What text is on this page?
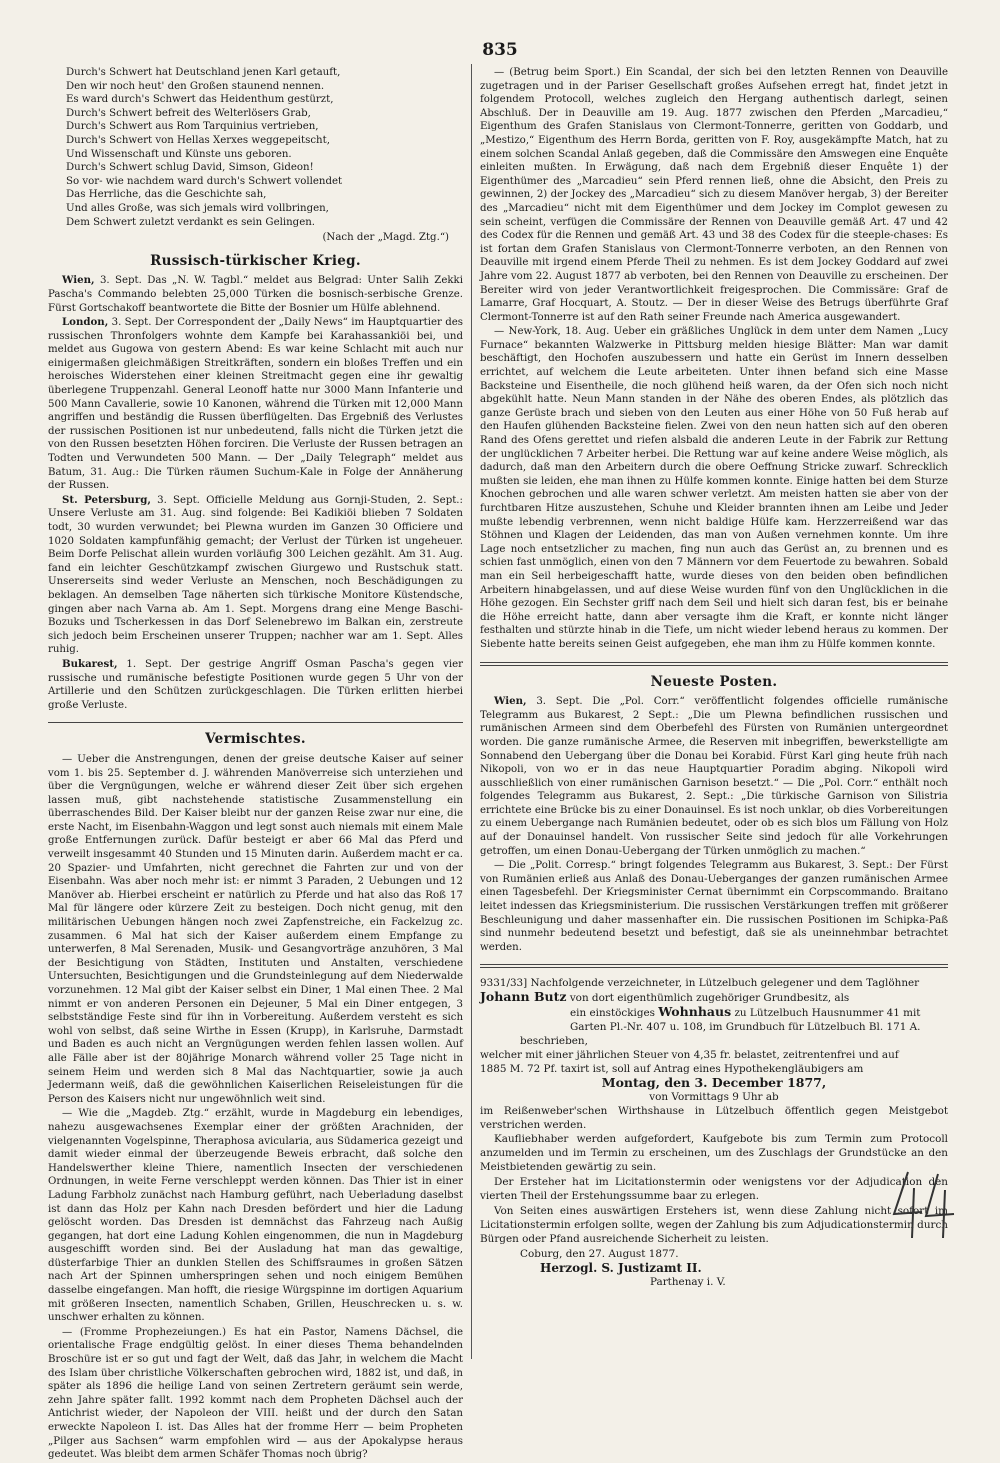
835
Durch's Schwert hat Deutschland jenen Karl getauft,
Den wir noch heut' den Großen staunend nennen.
Es ward durch's Schwert das Heidenthum gestürzt,
Durch's Schwert befreit des Welterlösers Grab,
Durch's Schwert aus Rom Tarquinius vertrieben,
Durch's Schwert von Hellas Xerxes weggepeitscht,
Und Wissenschaft und Künste uns geboren.
Durch's Schwert schlug David, Simson, Gideon!
So vor- wie nachdem ward durch's Schwert vollendet
Das Herrliche, das die Geschichte sah,
Und alles Große, was sich jemals wird vollbringen,
Dem Schwert zuletzt verdankt es sein Gelingen.
(Nach der „Magd. Ztg.“)
Russisch-türkischer Krieg.
Wien, 3. Sept. Das „N. W. Tagbl.“ meldet aus Belgrad: Unter Salih Zekki Pascha's Commando belebten 25,000 Türken die bosnisch-serbische Grenze. Fürst Gortschakoff beantwortete die Bitte der Bosnier um Hülfe ablehnend.
London, 3. Sept. Der Correspondent der „Daily News“ im Hauptquartier des russischen Thronfolgers wohnte dem Kampfe bei Karahassankiöi bei, und meldet aus Gugowa von gestern Abend: Es war keine Schlacht mit auch nur einigermaßen gleichmäßigen Streitkräften, sondern ein bloßes Treffen und ein heroisches Widerstehen einer kleinen Streitmacht gegen eine ihr gewaltig überlegene Truppenzahl. General Leonoff hatte nur 3000 Mann Infanterie und 500 Mann Cavallerie, sowie 10 Kanonen, während die Türken mit 12,000 Mann angriffen und beständig die Russen überflügelten. Das Ergebniß des Verlustes der russischen Positionen ist nur unbedeutend, falls nicht die Türken jetzt die von den Russen besetzten Höhen forciren. Die Verluste der Russen betragen an Todten und Verwundeten 500 Mann. — Der „Daily Telegraph“ meldet aus Batum, 31. Aug.: Die Türken räumen Suchum-Kale in Folge der Annäherung der Russen.
St. Petersburg, 3. Sept. Officielle Meldung aus Gornji-Studen, 2. Sept.: Unsere Verluste am 31. Aug. sind folgende: Bei Kadikiöi blieben 7 Soldaten todt, 30 wurden verwundet; bei Plewna wurden im Ganzen 30 Officiere und 1020 Soldaten kampfunfähig gemacht; der Verlust der Türken ist ungeheuer. Beim Dorfe Pelischat allein wurden vorläufig 300 Leichen gezählt. Am 31. Aug. fand ein leichter Geschützkampf zwischen Giurgewo und Rustschuk statt. Unsererseits sind weder Verluste an Menschen, noch Beschädigungen zu beklagen. An demselben Tage näherten sich türkische Monitore Küstendsche, gingen aber nach Varna ab. Am 1. Sept. Morgens drang eine Menge Baschi-Bozuks und Tscherkessen in das Dorf Selenebrewo im Balkan ein, zerstreute sich jedoch beim Erscheinen unserer Truppen; nachher war am 1. Sept. Alles ruhig.
Bukarest, 1. Sept. Der gestrige Angriff Osman Pascha's gegen vier russische und rumänische befestigte Positionen wurde gegen 5 Uhr von der Artillerie und den Schützen zurückgeschlagen. Die Türken erlitten hierbei große Verluste.
Vermischtes.
— Ueber die Anstrengungen, denen der greise deutsche Kaiser auf seiner vom 1. bis 25. September d. J. währenden Manöverreise sich unterziehen und über die Vergnügungen, welche er während dieser Zeit über sich ergehen lassen muß, gibt nachstehende statistische Zusammenstellung ein überraschendes Bild. Der Kaiser bleibt nur der ganzen Reise zwar nur eine, die erste Nacht, im Eisenbahn-Waggon und legt sonst auch niemals mit einem Male große Entfernungen zurück. Dafür besteigt er aber 66 Mal das Pferd und verweilt insgesammt 40 Stunden und 15 Minuten darin. Außerdem macht er ca. 20 Spazier- und Umfahrten, nicht gerechnet die Fahrten zur und von der Eisenbahn. Was aber noch mehr ist: er nimmt 3 Paraden, 2 Uebungen und 12 Manöver ab. Hierbei erscheint er natürlich zu Pferde und hat also das Roß 17 Mal für längere oder kürzere Zeit zu besteigen. Doch nicht genug, mit den militärischen Uebungen hängen noch zwei Zapfenstreiche, ein Fackelzug zc. zusammen. 6 Mal hat sich der Kaiser außerdem einem Empfange zu unterwerfen, 8 Mal Serenaden, Musik- und Gesangvorträge anzuhören, 3 Mal der Besichtigung von Städten, Instituten und Anstalten, verschiedene Untersuchten, Besichtigungen und die Grundsteinlegung auf dem Niederwalde vorzunehmen. 12 Mal gibt der Kaiser selbst ein Diner, 1 Mal einen Thee. 2 Mal nimmt er von anderen Personen ein Dejeuner, 5 Mal ein Diner entgegen, 3 selbstständige Feste sind für ihn in Vorbereitung. Außerdem versteht es sich wohl von selbst, daß seine Wirthe in Essen (Krupp), in Karlsruhe, Darmstadt und Baden es auch nicht an Vergnügungen werden fehlen lassen wollen. Auf alle Fälle aber ist der 80jährige Monarch während voller 25 Tage nicht in seinem Heim und werden sich 8 Mal das Nachtquartier, sowie ja auch Jedermann weiß, daß die gewöhnlichen Kaiserlichen Reiseleistungen für die Person des Kaisers nicht nur ungewöhnlich weit sind.
— Wie die „Magdeb. Ztg.“ erzählt, wurde in Magdeburg ein lebendiges, nahezu ausgewachsenes Exemplar einer der größten Arachniden, der vielgenannten Vogelspinne, Theraphosa avicularia, aus Südamerica gezeigt und damit wieder einmal der überzeugende Beweis erbracht, daß solche den Handelswerther kleine Thiere, namentlich Insecten der verschiedenen Ordnungen, in weite Ferne verschleppt werden können. Das Thier ist in einer Ladung Farbholz zunächst nach Hamburg geführt, nach Ueberladung daselbst ist dann das Holz per Kahn nach Dresden befördert und hier die Ladung gelöscht worden. Das Dresden ist demnächst das Fahrzeug nach Außig gegangen, hat dort eine Ladung Kohlen eingenommen, die nun in Magdeburg ausgeschifft worden sind. Bei der Ausladung hat man das gewaltige, düsterfarbige Thier an dunklen Stellen des Schiffsraumes in großen Sätzen nach Art der Spinnen umherspringen sehen und noch einigem Bemühen dasselbe eingefangen. Man hofft, die riesige Würgspinne im dortigen Aquarium mit größeren Insecten, namentlich Schaben, Grillen, Heuschrecken u. s. w. unschwer erhalten zu können.
— (Fromme Prophezeiungen.) Es hat ein Pastor, Namens Dächsel, die orientalische Frage endgültig gelöst. In einer dieses Thema behandelnden Broschüre ist er so gut und fagt der Welt, daß das Jahr, in welchem die Macht des Islam über christliche Völkerschaften gebrochen wird, 1882 ist, und daß, in später als 1896 die heilige Land von seinen Zertretern geräumt sein werde, zehn Jahre später fallt. 1992 kommt nach dem Propheten Dächsel auch der Antichrist wieder, der Napoleon der VIII. heißt und der durch den Satan erweckte Napoleon I. ist. Das Alles hat der fromme Herr — beim Propheten „Pilger aus Sachsen“ warm empfohlen wird — aus der Apokalypse heraus gedeutet. Was bleibt dem armen Schäfer Thomas noch übrig?
— (Betrug beim Sport.) Ein Scandal, der sich bei den letzten Rennen von Deauville zugetragen und in der Pariser Gesellschaft großes Aufsehen erregt hat, findet jetzt in folgendem Protocoll, welches zugleich den Hergang authentisch darlegt, seinen Abschluß. Der in Deauville am 19. Aug. 1877 zwischen den Pferden „Marcadieu,“ Eigenthum des Grafen Stanislaus von Clermont-Tonnerre, geritten von Goddarb, und „Mestizo,“ Eigenthum des Herrn Borda, geritten von F. Roy, ausgekämpfte Match, hat zu einem solchen Scandal Anlaß gegeben, daß die Commissäre den Amswegen eine Enquête einleiten mußten. In Erwägung, daß nach dem Ergebniß dieser Enquête 1) der Eigenthümer des „Marcadieu“ sein Pferd rennen ließ, ohne die Absicht, den Preis zu gewinnen, 2) der Jockey des „Marcadieu“ sich zu diesem Manöver hergab, 3) der Bereiter des „Marcadieu“ nicht mit dem Eigenthümer und dem Jockey im Complot gewesen zu sein scheint, verfügen die Commissäre der Rennen von Deauville gemäß Art. 47 und 42 des Codex für die Rennen und gemäß Art. 43 und 38 des Codex für die steeple-chases: Es ist fortan dem Grafen Stanislaus von Clermont-Tonnerre verboten, an den Rennen von Deauville mit irgend einem Pferde Theil zu nehmen. Es ist dem Jockey Goddard auf zwei Jahre vom 22. August 1877 ab verboten, bei den Rennen von Deauville zu erscheinen. Der Bereiter wird von jeder Verantwortlichkeit freigesprochen. Die Commissäre: Graf de Lamarre, Graf Hocquart, A. Stoutz. — Der in dieser Weise des Betrugs überführte Graf Clermont-Tonnerre ist auf den Rath seiner Freunde nach America ausgewandert.
— New-York, 18. Aug. Ueber ein gräßliches Unglück in dem unter dem Namen „Lucy Furnace“ bekannten Walzwerke in Pittsburg melden hiesige Blätter: Man war damit beschäftigt, den Hochofen auszubessern und hatte ein Gerüst im Innern desselben errichtet, auf welchem die Leute arbeiteten. Unter ihnen befand sich eine Masse Backsteine und Eisentheile, die noch glühend heiß waren, da der Ofen sich noch nicht abgekühlt hatte. Neun Mann standen in der Nähe des oberen Endes, als plötzlich das ganze Gerüste brach und sieben von den Leuten aus einer Höhe von 50 Fuß herab auf den Haufen glühenden Backsteine fielen. Zwei von den neun hatten sich auf den oberen Rand des Ofens gerettet und riefen alsbald die anderen Leute in der Fabrik zur Rettung der unglücklichen 7 Arbeiter herbei. Die Rettung war auf keine andere Weise möglich, als dadurch, daß man den Arbeitern durch die obere Oeffnung Stricke zuwarf. Schrecklich mußten sie leiden, ehe man ihnen zu Hülfe kommen konnte. Einige hatten bei dem Sturze Knochen gebrochen und alle waren schwer verletzt. Am meisten hatten sie aber von der furchtbaren Hitze auszustehen, Schuhe und Kleider brannten ihnen am Leibe und Jeder mußte lebendig verbrennen, wenn nicht baldige Hülfe kam. Herzzerreißend war das Stöhnen und Klagen der Leidenden, das man von Außen vernehmen konnte. Um ihre Lage noch entsetzlicher zu machen, fing nun auch das Gerüst an, zu brennen und es schien fast unmöglich, einen von den 7 Männern vor dem Feuertode zu bewahren. Sobald man ein Seil herbeigeschafft hatte, wurde dieses von den beiden oben befindlichen Arbeitern hinabgelassen, und auf diese Weise wurden fünf von den Unglücklichen in die Höhe gezogen. Ein Sechster griff nach dem Seil und hielt sich daran fest, bis er beinahe die Höhe erreicht hatte, dann aber versagte ihm die Kraft, er konnte nicht länger festhalten und stürzte hinab in die Tiefe, um nicht wieder lebend heraus zu kommen. Der Siebente hatte bereits seinen Geist aufgegeben, ehe man ihm zu Hülfe kommen konnte.
Neueste Posten.
Wien, 3. Sept. Die „Pol. Corr.“ veröffentlicht folgendes officielle rumänische Telegramm aus Bukarest, 2 Sept.: „Die um Plewna befindlichen russischen und rumänischen Armeen sind dem Oberbefehl des Fürsten von Rumänien untergeordnet worden. Die ganze rumänische Armee, die Reserven mit inbegriffen, bewerkstelligte am Sonnabend den Uebergang über die Donau bei Korabid. Fürst Karl ging heute früh nach Nikopoli, von wo er in das neue Hauptquartier Poradim abging. Nikopoli wird ausschließlich von einer rumänischen Garnison besetzt.“ — Die „Pol. Corr.“ enthält noch folgendes Telegramm aus Bukarest, 2. Sept.: „Die türkische Garnison von Silistria errichtete eine Brücke bis zu einer Donauinsel. Es ist noch unklar, ob dies Vorbereitungen zu einem Uebergange nach Rumänien bedeutet, oder ob es sich blos um Fällung von Holz auf der Donauinsel handelt. Von russischer Seite sind jedoch für alle Vorkehrungen getroffen, um einen Donau-Uebergang der Türken unmöglich zu machen.“
— Die „Polit. Corresp.“ bringt folgendes Telegramm aus Bukarest, 3. Sept.: Der Fürst von Rumänien erließ aus Anlaß des Donau-Ueberganges der ganzen rumänischen Armee einen Tagesbefehl. Der Kriegsminister Cernat übernimmt ein Corpscommando. Braitano leitet indessen das Kriegsministerium. Die russischen Verstärkungen treffen mit größerer Beschleunigung und daher massenhafter ein. Die russischen Positionen im Schipka-Paß sind nunmehr bedeutend besetzt und befestigt, daß sie als uneinnehmbar betrachtet werden.
9331/33] Nachfolgende verzeichneter, in Lützelbuch gelegener und dem Taglöhner
Johann Butz von dort eigenthümlich zugehöriger Grundbesitz, als
ein einstöckiges Wohnhaus zu Lützelbuch Hausnummer 41 mit
Garten Pl.-Nr. 407 u. 108, im Grundbuch für Lützelbuch Bl. 171 A.
beschrieben,
welcher mit einer jährlichen Steuer von 4,35 fr. belastet, zeitrentenfrei und auf
1885 M. 72 Pf. taxirt ist, soll auf Antrag eines Hypothekengläubigers am
Montag, den 3. December 1877,
von Vormittags 9 Uhr ab
im Reißenweber'schen Wirthshause in Lützelbuch öffentlich gegen Meistgebot verstrichen werden.
Kaufliebhaber werden aufgefordert, Kaufgebote bis zum Termin zum Protocoll anzumelden und im Termin zu erscheinen, um des Zuschlags der Grundstücke an den Meistbietenden gewärtig zu sein.
Der Ersteher hat im Licitationstermin oder wenigstens vor der Adjudication den vierten Theil der Erstehungssumme baar zu erlegen.
Von Seiten eines auswärtigen Erstehers ist, wenn diese Zahlung nicht sofort im Licitationstermin erfolgen sollte, wegen der Zahlung bis zum Adjudicationstermin durch Bürgen oder Pfand ausreichende Sicherheit zu leisten.
Coburg, den 27. August 1877.
Herzogl. S. Justizamt II.
Parthenay i. V.
